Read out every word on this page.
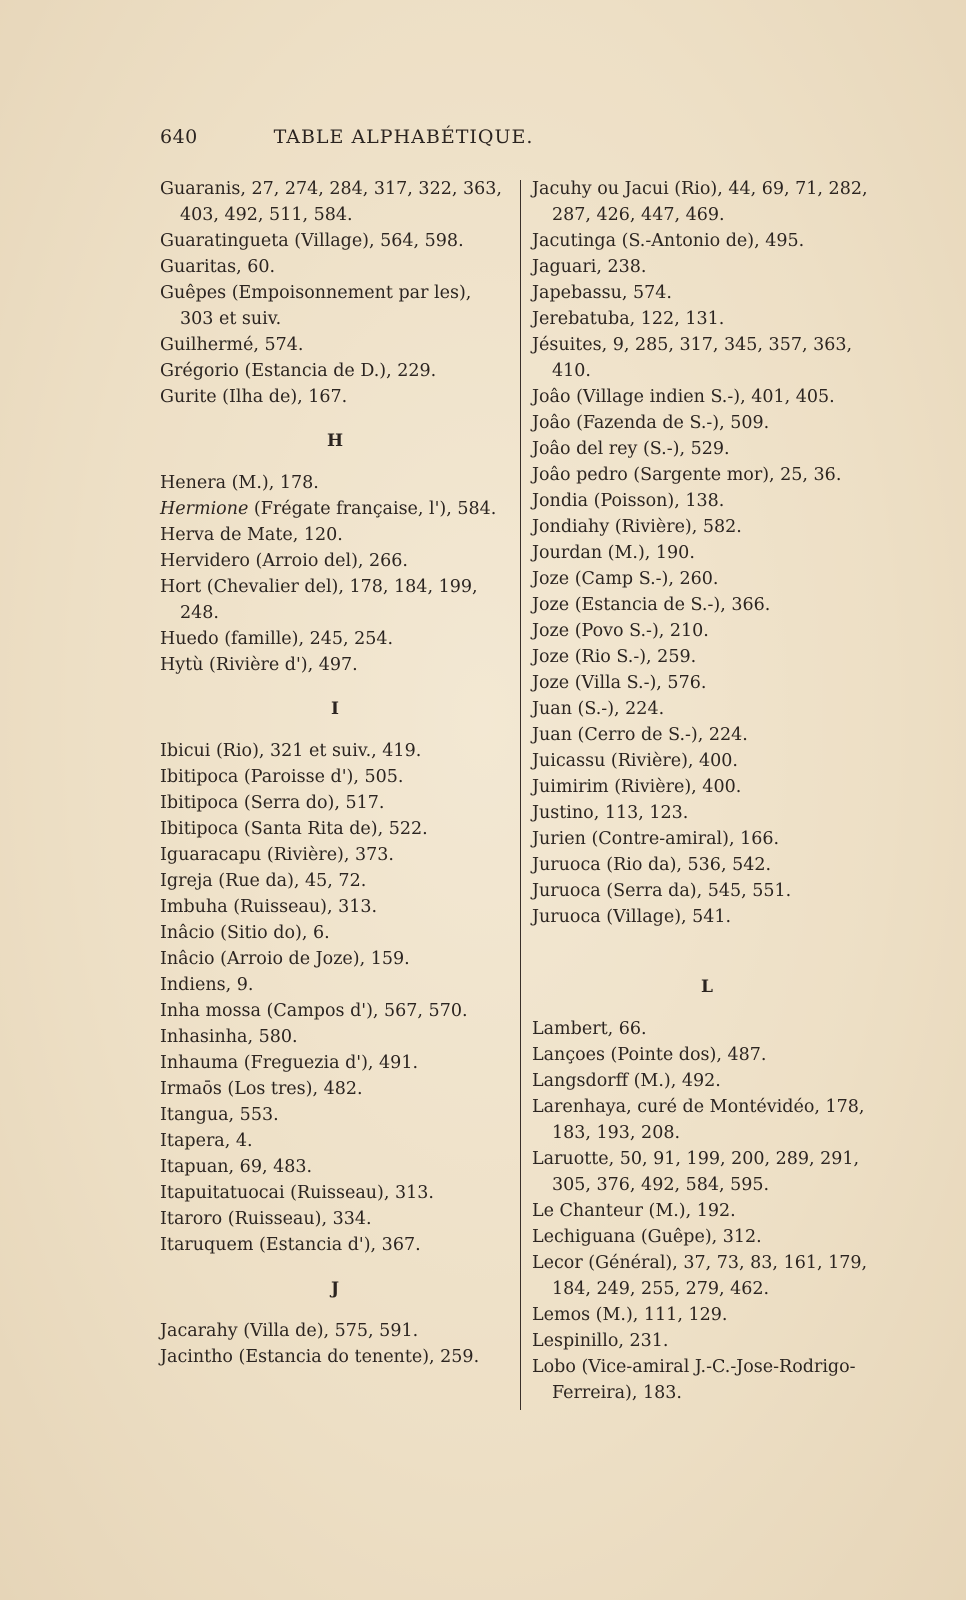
640	TABLE ALPHABÉTIQUE.

Guaranis, 27, 274, 284, 317, 322, 363, 403, 492, 511, 584.

Guaratingueta (Village), 564, 598.

Guaritas, 60.

Guêpes (Empoisonnement par les), 303 et suiv.

Guilhermé, 574.

Grégorio (Estancia de D.), 229.

Gurite (Ilha de), 167.

H

Henera (M.), 178.

Hermione (Frégate française, l'), 584.

Herva de Mate, 120.

Hervidero (Arroio del), 266.

Hort (Chevalier del), 178, 184, 199, 248.

Huedo (famille), 245, 254.

Hytù (Rivière d'), 497.

I

Ibicui (Rio), 321 et suiv., 419.

Ibitipoca (Paroisse d'), 505.

Ibitipoca (Serra do), 517.

Ibitipoca (Santa Rita de), 522.

Iguaracapu (Rivière), 373.

Igreja (Rue da), 45, 72.

Imbuha (Ruisseau), 313.

Inâcio (Sitio do), 6.

Inâcio (Arroio de Joze), 159.

Indiens, 9.

Inha mossa (Campos d'), 567, 570.

Inhasinha, 580.

Inhauma (Freguezia d'), 491.

Irmaōs (Los tres), 482.

Itangua, 553.

Itapera, 4.

Itapuan, 69, 483.

Itapuitatuocai (Ruisseau), 313.

Itaroro (Ruisseau), 334.

Itaruquem (Estancia d'), 367.

J

Jacarahy (Villa de), 575, 591.

Jacintho (Estancia do tenente), 259.

Jacuhy ou Jacui (Rio), 44, 69, 71, 282, 287, 426, 447, 469.

Jacutinga (S.-Antonio de), 495.

Jaguari, 238.

Japebassu, 574.

Jerebatuba, 122, 131.

Jésuites, 9, 285, 317, 345, 357, 363, 410.

Joâo (Village indien S.-), 401, 405.

Joâo (Fazenda de S.-), 509.

Joâo del rey (S.-), 529.

Joâo pedro (Sargente mor), 25, 36.

Jondia (Poisson), 138.

Jondiahy (Rivière), 582.

Jourdan (M.), 190.

Joze (Camp S.-), 260.

Joze (Estancia de S.-), 366.

Joze (Povo S.-), 210.

Joze (Rio S.-), 259.

Joze (Villa S.-), 576.

Juan (S.-), 224.

Juan (Cerro de S.-), 224.

Juicassu (Rivière), 400.

Juimirim (Rivière), 400.

Justino, 113, 123.

Jurien (Contre-amiral), 166.

Juruoca (Rio da), 536, 542.

Juruoca (Serra da), 545, 551.

Juruoca (Village), 541.

L

Lambert, 66.

Lançoes (Pointe dos), 487.

Langsdorff (M.), 492.

Larenhaya, curé de Montévidéo, 178, 183, 193, 208.

Laruotte, 50, 91, 199, 200, 289, 291, 305, 376, 492, 584, 595.

Le Chanteur (M.), 192.

Lechiguana (Guêpe), 312.

Lecor (Général), 37, 73, 83, 161, 179, 184, 249, 255, 279, 462.

Lemos (M.), 111, 129.

Lespinillo, 231.

Lobo (Vice-amiral J.-C.-Jose-Rodrigo-Ferreira), 183.
